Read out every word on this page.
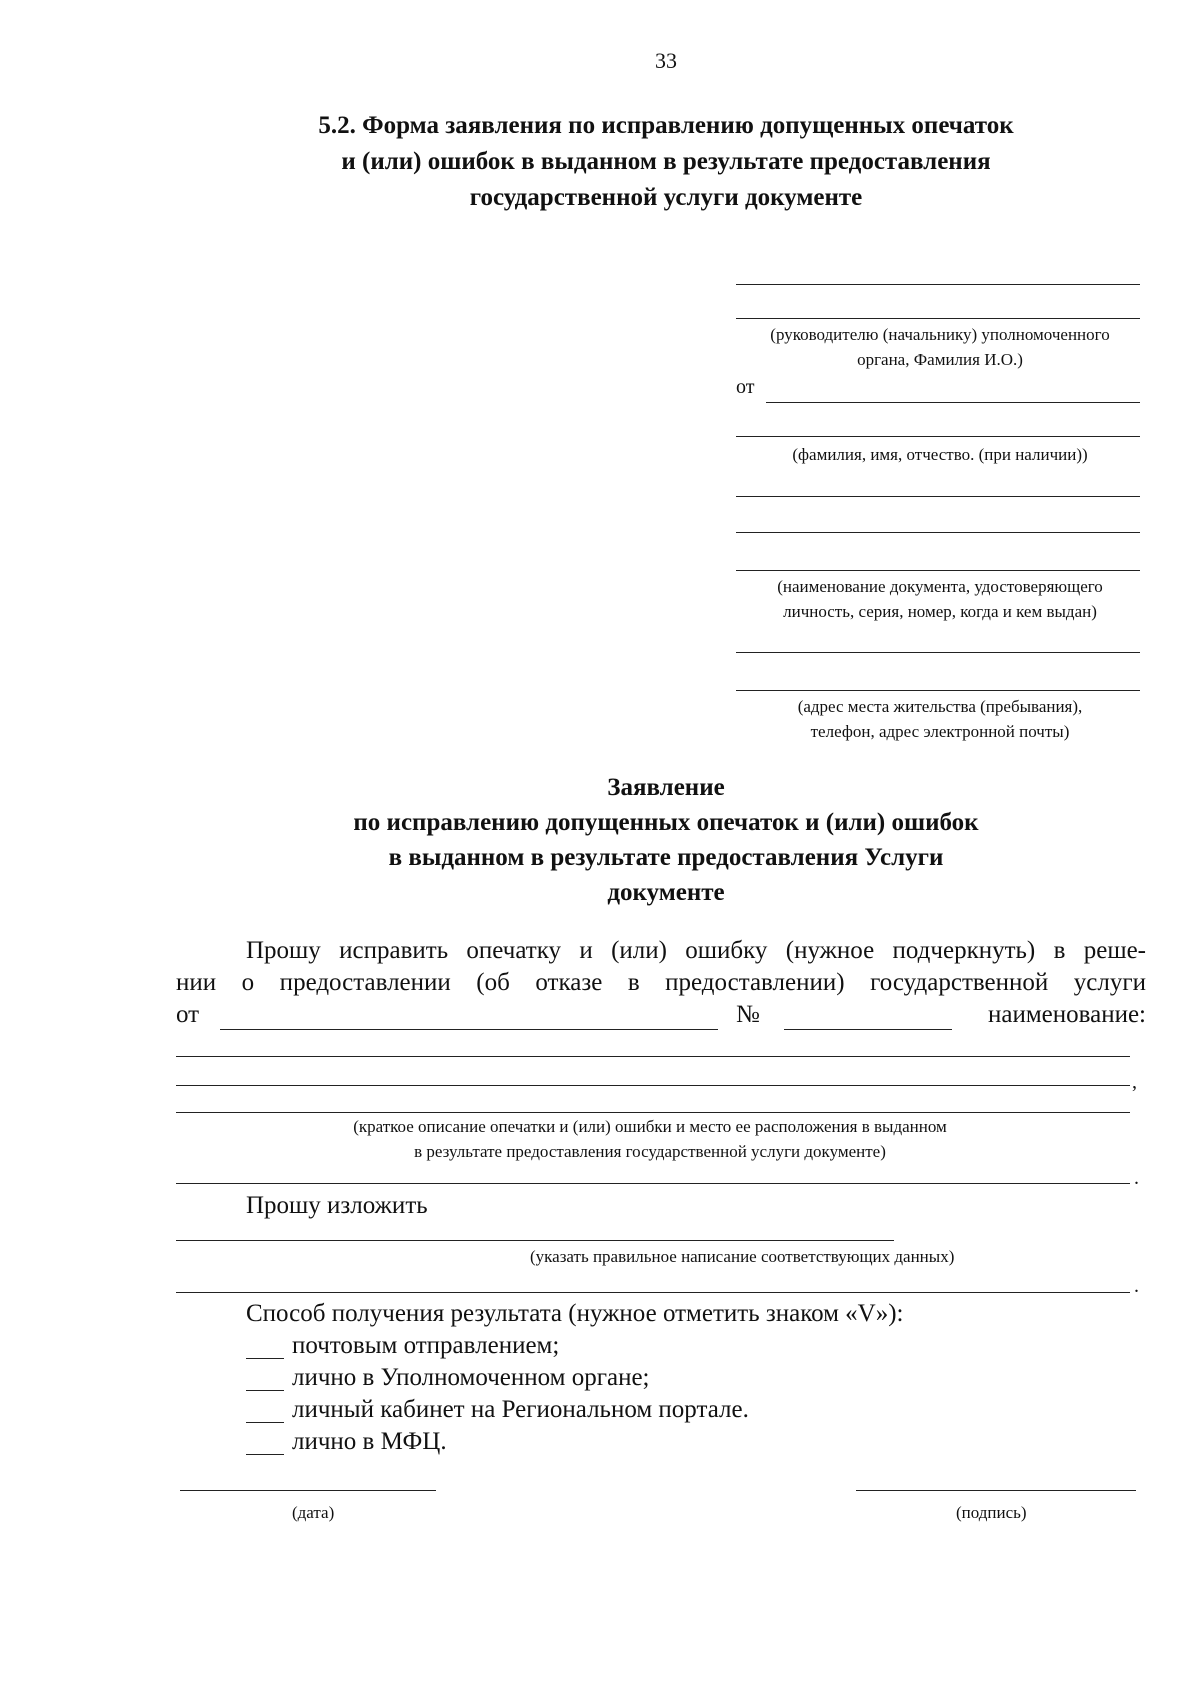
33
5.2. Форма заявления по исправлению допущенных опечаток
и (или) ошибок в выданном в результате предоставления
государственной услуги документе
(руководителю (начальнику) уполномоченного
органа, Фамилия И.О.)
от
(фамилия, имя, отчество. (при наличии))
(наименование документа, удостоверяющего
личность, серия, номер, когда и кем выдан)
(адрес места жительства (пребывания),
телефон, адрес электронной почты)
Заявление
по исправлению допущенных опечаток и (или) ошибок
в выданном в результате предоставления Услуги
документе
Прошу исправить опечатку и (или) ошибку (нужное подчеркнуть) в реше-
нии о предоставлении (об отказе в предоставлении) государственной услуги
от	№	наименование:
,
(краткое описание опечатки и (или) ошибки и место ее расположения в выданном
в результате предоставления государственной услуги документе)
.
Прошу изложить
(указать правильное написание соответствующих данных)
.
Способ получения результата (нужное отметить знаком «V»):
почтовым отправлением;
лично в Уполномоченном органе;
личный кабинет на Региональном портале.
лично в МФЦ.
(дата)	(подпись)
